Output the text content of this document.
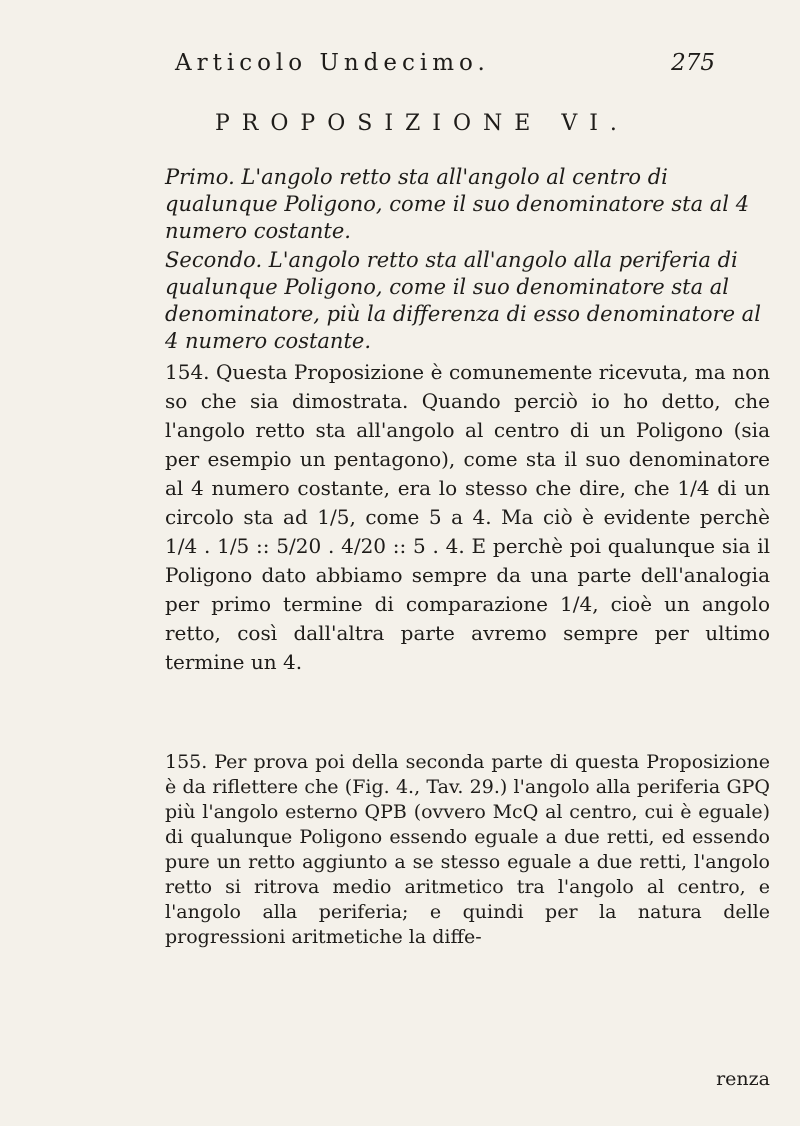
Articolo Undecimo.	275
PROPOSIZIONE VI.

Primo. L'angolo retto sta all'angolo al centro di qualunque Poligono, come il suo denominatore sta al 4 numero costante.

Secondo. L'angolo retto sta all'angolo alla periferia di qualunque Poligono, come il suo denominatore sta al denominatore, più la differenza di esso denominatore al 4 numero costante.

154. Questa Proposizione è comunemente ricevuta, ma non so che sia dimostrata. Quando perciò io ho detto, che l'angolo retto sta all'angolo al centro di un Poligono (sia per esempio un pentagono), come sta il suo denominatore al 4 numero costante, era lo stesso che dire, che 1/4 di un circolo sta ad 1/5, come 5 a 4. Ma ciò è evidente perchè 1/4 . 1/5 :: 5/20 . 4/20 :: 5 . 4. E perchè poi qualunque sia il Poligono dato abbiamo sempre da una parte dell'analogia per primo termine di comparazione 1/4, cioè un angolo retto, così dall'altra parte avremo sempre per ultimo termine un 4.
155. Per prova poi della seconda parte di questa Proposizione è da riflettere che (Fig. 4., Tav. 29.) l'angolo alla periferia GPQ più l'angolo esterno QPB (ovvero McQ al centro, cui è eguale) di qualunque Poligono essendo eguale a due retti, ed essendo pure un retto aggiunto a se stesso eguale a due retti, l'angolo retto si ritrova medio aritmetico tra l'angolo al centro, e l'angolo alla periferia; e quindi per la natura delle progressioni aritmetiche la diffe-
renza
